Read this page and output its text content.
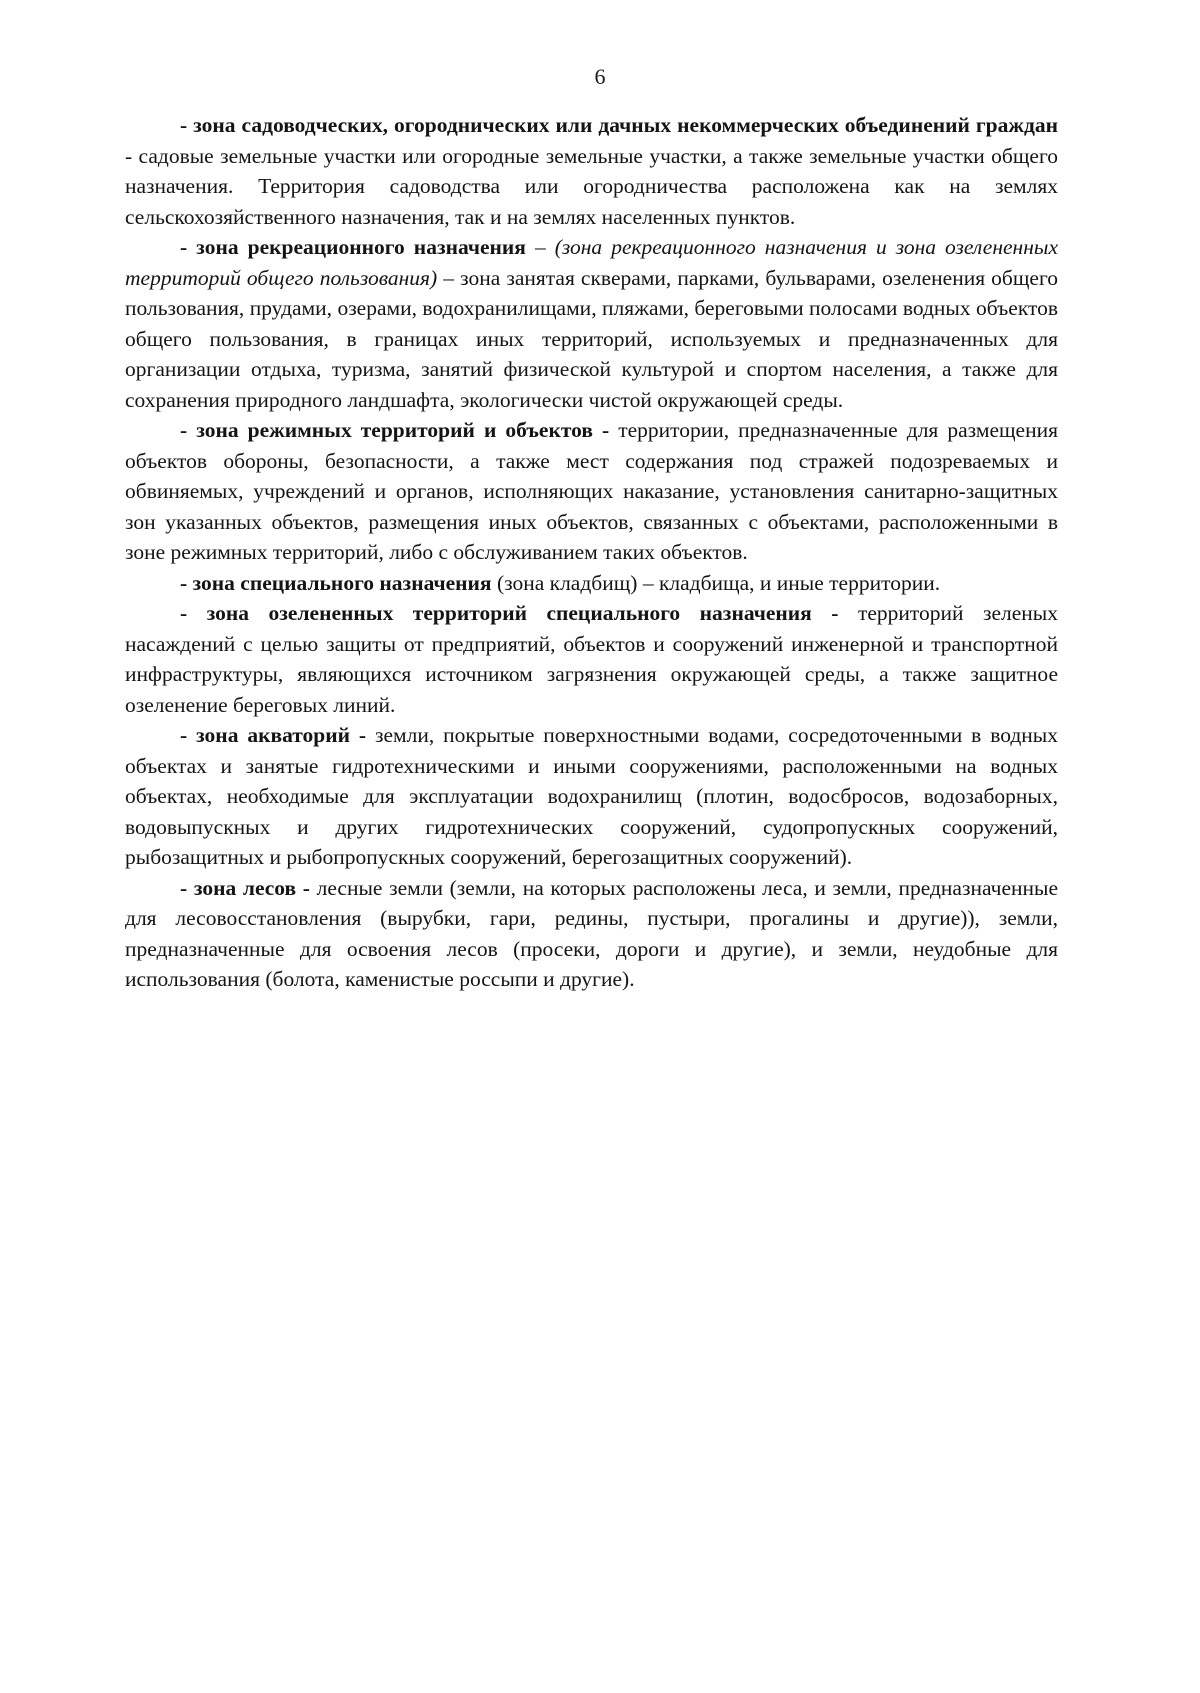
6

- зона садоводческих, огороднических или дачных некоммерческих объединений граждан - садовые земельные участки или огородные земельные участки, а также земельные участки общего назначения. Территория садоводства или огородничества расположена как на землях сельскохозяйственного назначения, так и на землях населенных пунктов.

- зона рекреационного назначения – (зона рекреационного назначения и зона озелененных территорий общего пользования) – зона занятая скверами, парками, бульварами, озеленения общего пользования, прудами, озерами, водохранилищами, пляжами, береговыми полосами водных объектов общего пользования, в границах иных территорий, используемых и предназначенных для организации отдыха, туризма, занятий физической культурой и спортом населения, а также для сохранения природного ландшафта, экологически чистой окружающей среды.

- зона режимных территорий и объектов - территории, предназначенные для размещения объектов обороны, безопасности, а также мест содержания под стражей подозреваемых и обвиняемых, учреждений и органов, исполняющих наказание, установления санитарно-защитных зон указанных объектов, размещения иных объектов, связанных с объектами, расположенными в зоне режимных территорий, либо с обслуживанием таких объектов.

- зона специального назначения (зона кладбищ) – кладбища, и иные территории.

- зона озелененных территорий специального назначения - территорий зеленых насаждений с целью защиты от предприятий, объектов и сооружений инженерной и транспортной инфраструктуры, являющихся источником загрязнения окружающей среды, а также защитное озеленение береговых линий.

- зона акваторий - земли, покрытые поверхностными водами, сосредоточенными в водных объектах и занятые гидротехническими и иными сооружениями, расположенными на водных объектах, необходимые для эксплуатации водохранилищ (плотин, водосбросов, водозаборных, водовыпускных и других гидротехнических сооружений, судопропускных сооружений, рыбозащитных и рыбопропускных сооружений, берегозащитных сооружений).

- зона лесов - лесные земли (земли, на которых расположены леса, и земли, предназначенные для лесовосстановления (вырубки, гари, редины, пустыри, прогалины и другие)), земли, предназначенные для освоения лесов (просеки, дороги и другие), и земли, неудобные для использования (болота, каменистые россыпи и другие).
